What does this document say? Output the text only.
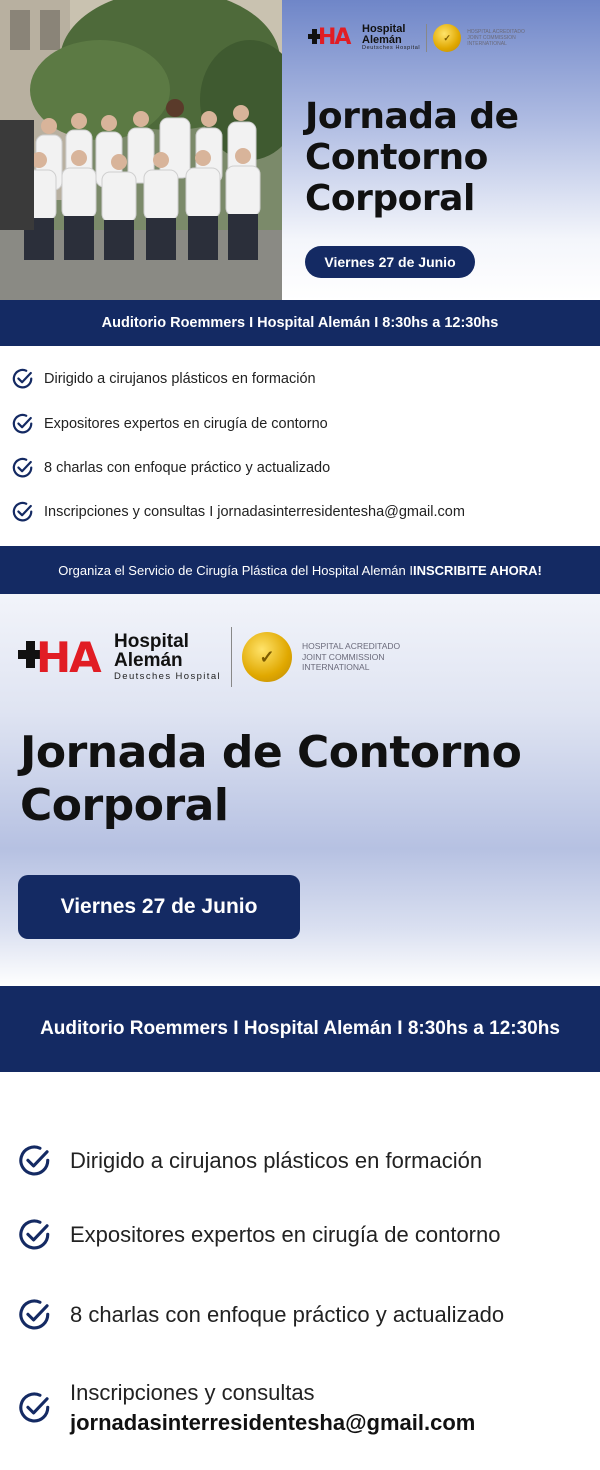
HA Hospital
Alemán
Deutsches Hospital
✓
HOSPITAL ACREDITADO
JOINT COMMISSION
INTERNATIONAL
Jornada de
Contorno
Corporal
Viernes 27 de Junio
Auditorio Roemmers I Hospital Alemán I 8:30hs a 12:30hs
Dirigido a cirujanos plásticos en formación
Expositores expertos en cirugía de contorno
8 charlas con enfoque práctico y actualizado
Inscripciones y consultas I jornadasinterresidentesha@gmail.com
Organiza el Servicio de Cirugía Plástica del Hospital Alemán I INSCRIBITE AHORA!
HA Hospital
Alemán
Deutsches Hospital
✓
HOSPITAL ACREDITADO
JOINT COMMISSION
INTERNATIONAL
Jornada de Contorno
Corporal
Viernes 27 de Junio
Auditorio Roemmers I Hospital Alemán I 8:30hs a 12:30hs
Dirigido a cirujanos plásticos en formación
Expositores expertos en cirugía de contorno
8 charlas con enfoque práctico y actualizado
Inscripciones y consultas
jornadasinterresidentesha@gmail.com
